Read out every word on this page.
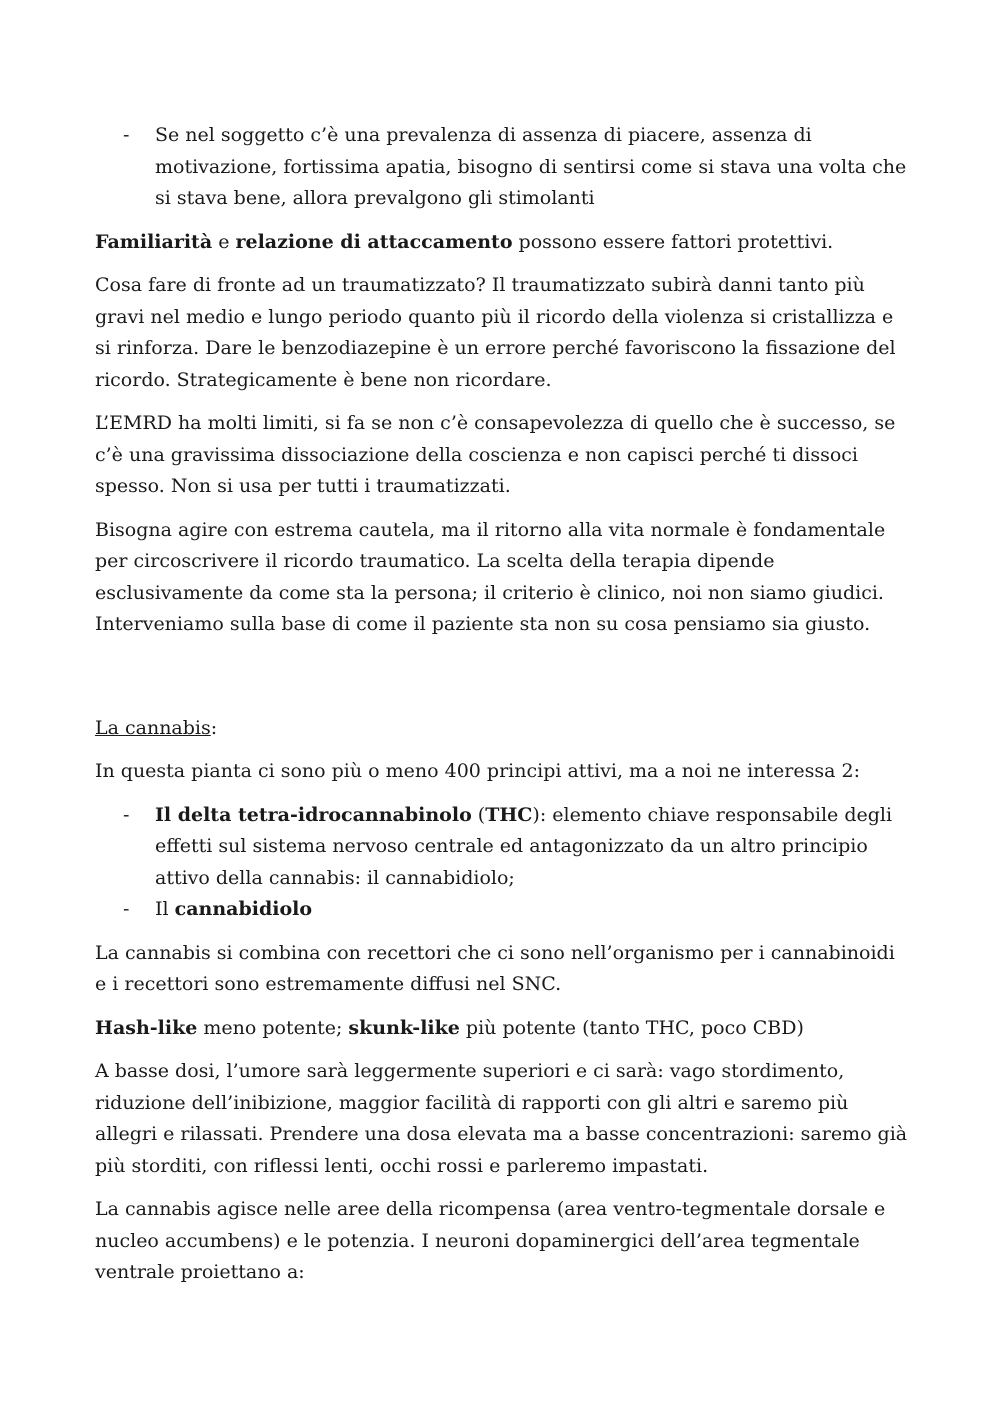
- Se nel soggetto c’è una prevalenza di assenza di piacere, assenza di motivazione, fortissima apatia, bisogno di sentirsi come si stava una volta che si stava bene, allora prevalgono gli stimolanti

Familiarità e relazione di attaccamento possono essere fattori protettivi.

Cosa fare di fronte ad un traumatizzato? Il traumatizzato subirà danni tanto più gravi nel medio e lungo periodo quanto più il ricordo della violenza si cristallizza e si rinforza. Dare le benzodiazepine è un errore perché favoriscono la fissazione del ricordo. Strategicamente è bene non ricordare.

L’EMRD ha molti limiti, si fa se non c’è consapevolezza di quello che è successo, se c’è una gravissima dissociazione della coscienza e non capisci perché ti dissoci spesso. Non si usa per tutti i traumatizzati.

Bisogna agire con estrema cautela, ma il ritorno alla vita normale è fondamentale per circoscrivere il ricordo traumatico. La scelta della terapia dipende esclusivamente da come sta la persona; il criterio è clinico, noi non siamo giudici. Interveniamo sulla base di come il paziente sta non su cosa pensiamo sia giusto.

La cannabis:

In questa pianta ci sono più o meno 400 principi attivi, ma a noi ne interessa 2:

- Il delta tetra-idrocannabinolo (THC): elemento chiave responsabile degli effetti sul sistema nervoso centrale ed antagonizzato da un altro principio attivo della cannabis: il cannabidiolo;
- Il cannabidiolo

La cannabis si combina con recettori che ci sono nell’organismo per i cannabinoidi e i recettori sono estremamente diffusi nel SNC.

Hash-like meno potente; skunk-like più potente (tanto THC, poco CBD)

A basse dosi, l’umore sarà leggermente superiori e ci sarà: vago stordimento, riduzione dell’inibizione, maggior facilità di rapporti con gli altri e saremo più allegri e rilassati. Prendere una dosa elevata ma a basse concentrazioni: saremo già più storditi, con riflessi lenti, occhi rossi e parleremo impastati.

La cannabis agisce nelle aree della ricompensa (area ventro-tegmentale dorsale e nucleo accumbens) e le potenzia. I neuroni dopaminergici dell’area tegmentale ventrale proiettano a:
